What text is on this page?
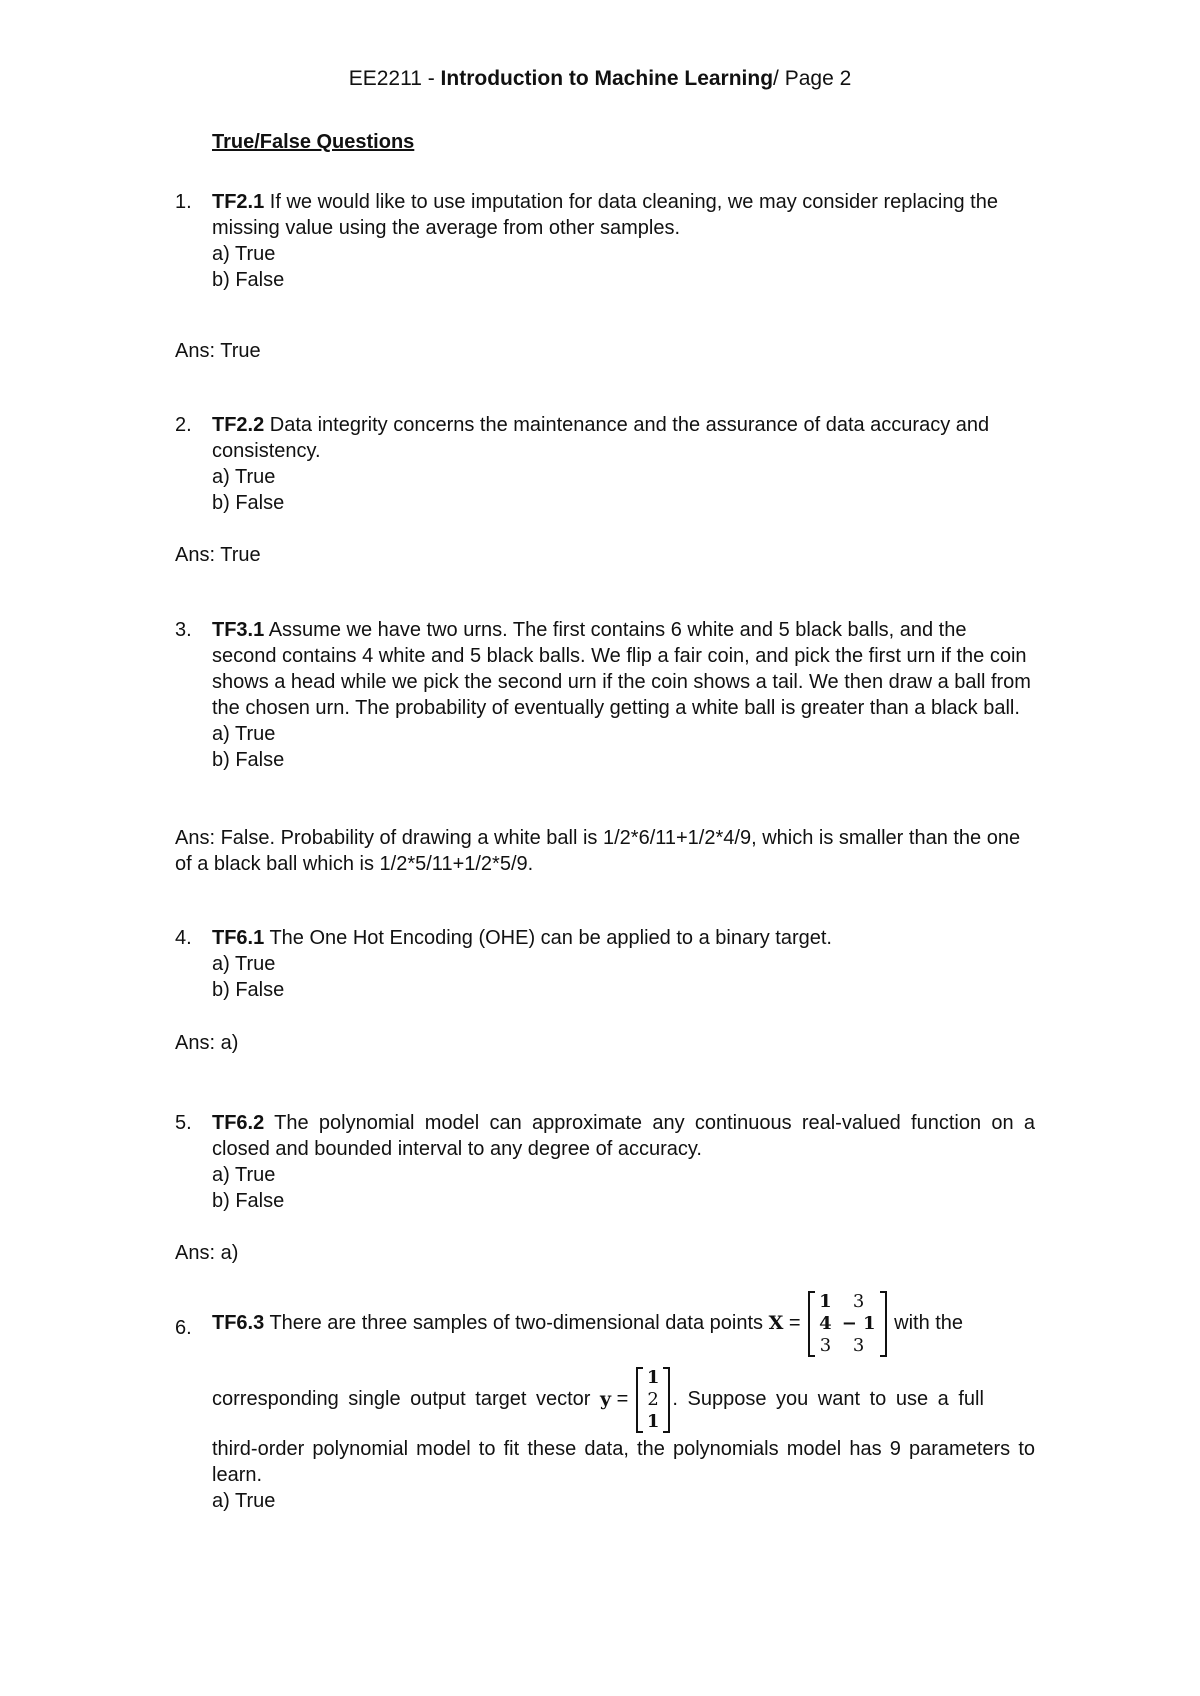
EE2211 - Introduction to Machine Learning/ Page 2
True/False Questions
1.	TF2.1 If we would like to use imputation for data cleaning, we may consider replacing the missing value using the average from other samples.
a) True
b) False
Ans: True
2.	TF2.2 Data integrity concerns the maintenance and the assurance of data accuracy and consistency.
a) True
b) False
Ans: True
3.	TF3.1 Assume we have two urns. The first contains 6 white and 5 black balls, and the second contains 4 white and 5 black balls. We flip a fair coin, and pick the first urn if the coin shows a head while we pick the second urn if the coin shows a tail. We then draw a ball from the chosen urn. The probability of eventually getting a white ball is greater than a black ball.
a) True
b) False
Ans: False. Probability of drawing a white ball is 1/2*6/11+1/2*4/9, which is smaller than the one of a black ball which is 1/2*5/11+1/2*5/9.
4.	TF6.1 The One Hot Encoding (OHE) can be applied to a binary target.
a) True
b) False
Ans: a)
5.	TF6.2 The polynomial model can approximate any continuous real-valued function on a closed and bounded interval to any degree of accuracy.
a) True
b) False
Ans: a)
6.	TF6.3 There are three samples of two-dimensional data points X =
1	3
4	− 1
3	3
with the
corresponding single output target vector y =
1
2
1
. Suppose you want to use a full
third-order polynomial model to fit these data, the polynomials model has 9 parameters to learn.
a) True
